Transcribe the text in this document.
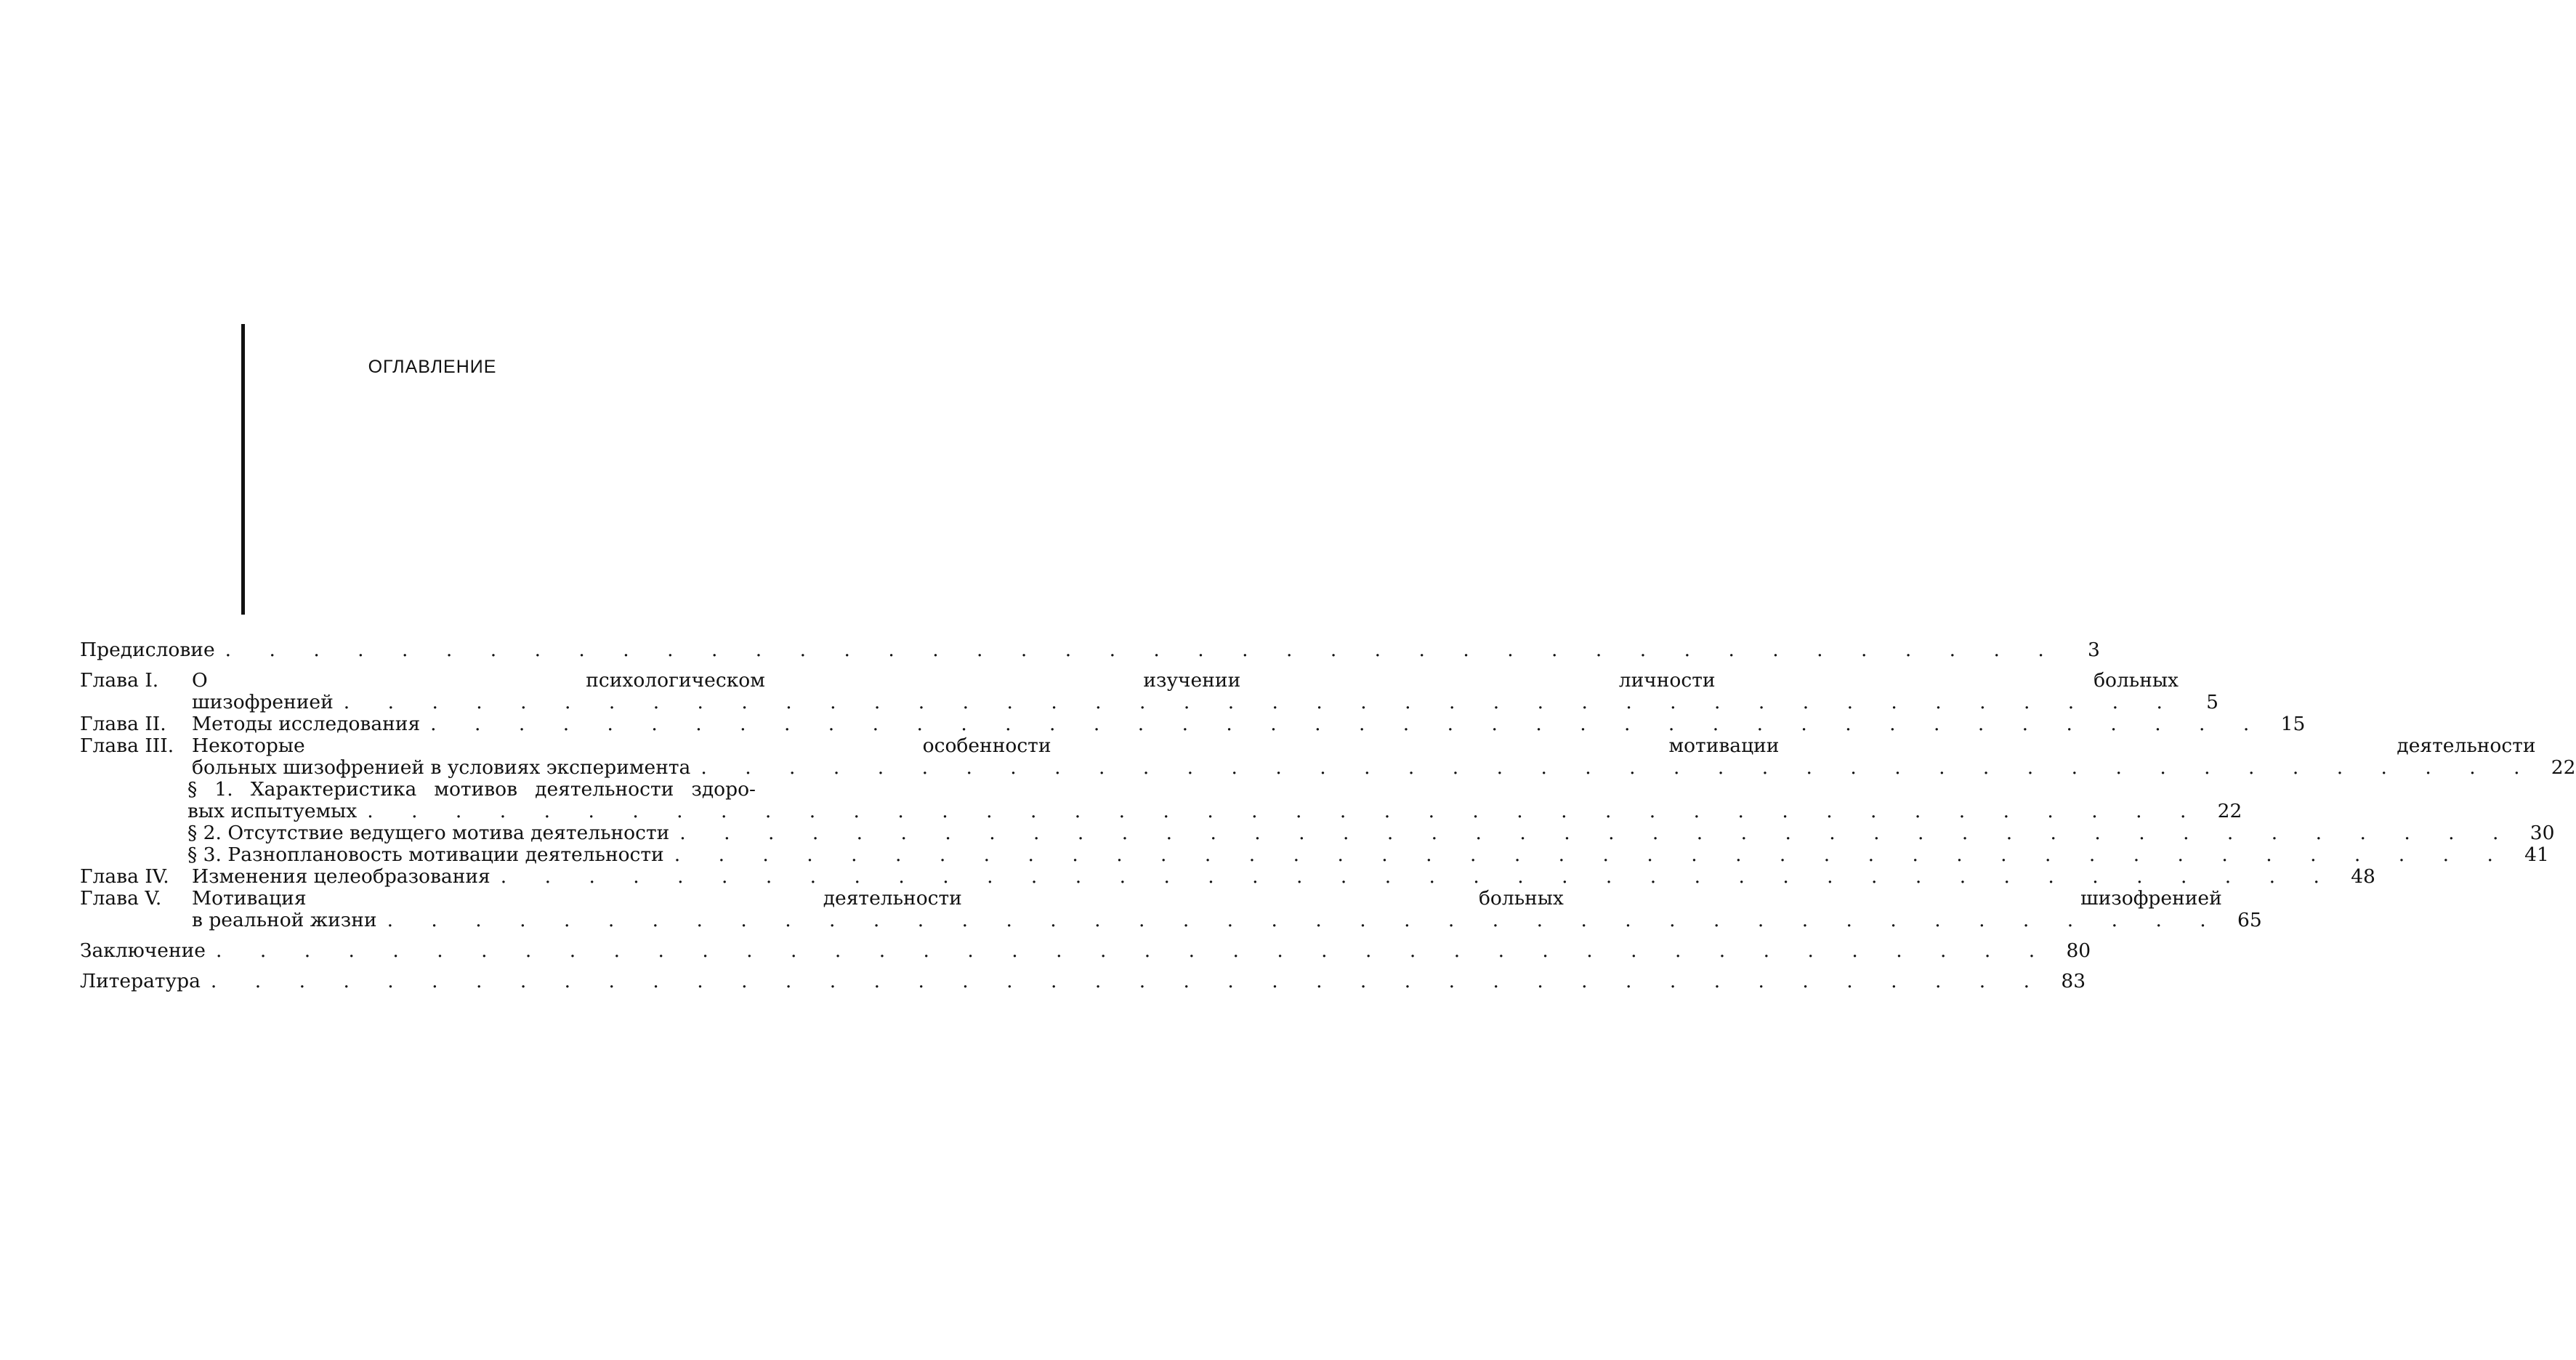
ОГЛАВЛЕНИЕ
Предисловие . . . . . . . . . . . . . . . . . . . . . . . . . . . . . . . . . . . . . . . . . .	3
Глава I.	О психологическом изучении личности больных

шизофренией . . . . . . . . . . . . . . . . . . . . . . . . . . . . . . . . . . . . . . . . . .	5
Глава II.	Методы исследования . . . . . . . . . . . . . . . . . . . . . . . . . . . . . . . . . . . . . . . . . . 15
Глава III. Некоторые особенности мотивации деятельности

больных шизофренией в условиях эксперимента . . . . . . . . . . . . . . . . . . . . . . . . . . . . . . . . . . . . . . . . . . 22

§ 1. Характеристика мотивов деятельности здоро-

вых испытуемых . . . . . . . . . . . . . . . . . . . . . . . . . . . . . . . . . . . . . . . . . . 22
§ 2. Отсутствие ведущего мотива деятельности . . . . . . . . . . . . . . . . . . . . . . . . . . . . . . . . . . . . . . . . . . 30
§ 3. Разноплановость мотивации деятельности . . . . . . . . . . . . . . . . . . . . . . . . . . . . . . . . . . . . . . . . . . 41
Глава IV.	Изменения целеобразования . . . . . . . . . . . . . . . . . . . . . . . . . . . . . . . . . . . . . . . . . . 48
Глава V.	Мотивация деятельности больных шизофренией

в реальной жизни . . . . . . . . . . . . . . . . . . . . . . . . . . . . . . . . . . . . . . . . . . 65
Заключение . . . . . . . . . . . . . . . . . . . . . . . . . . . . . . . . . . . . . . . . . . 80
Литература . . . . . . . . . . . . . . . . . . . . . . . . . . . . . . . . . . . . . . . . . . 83
